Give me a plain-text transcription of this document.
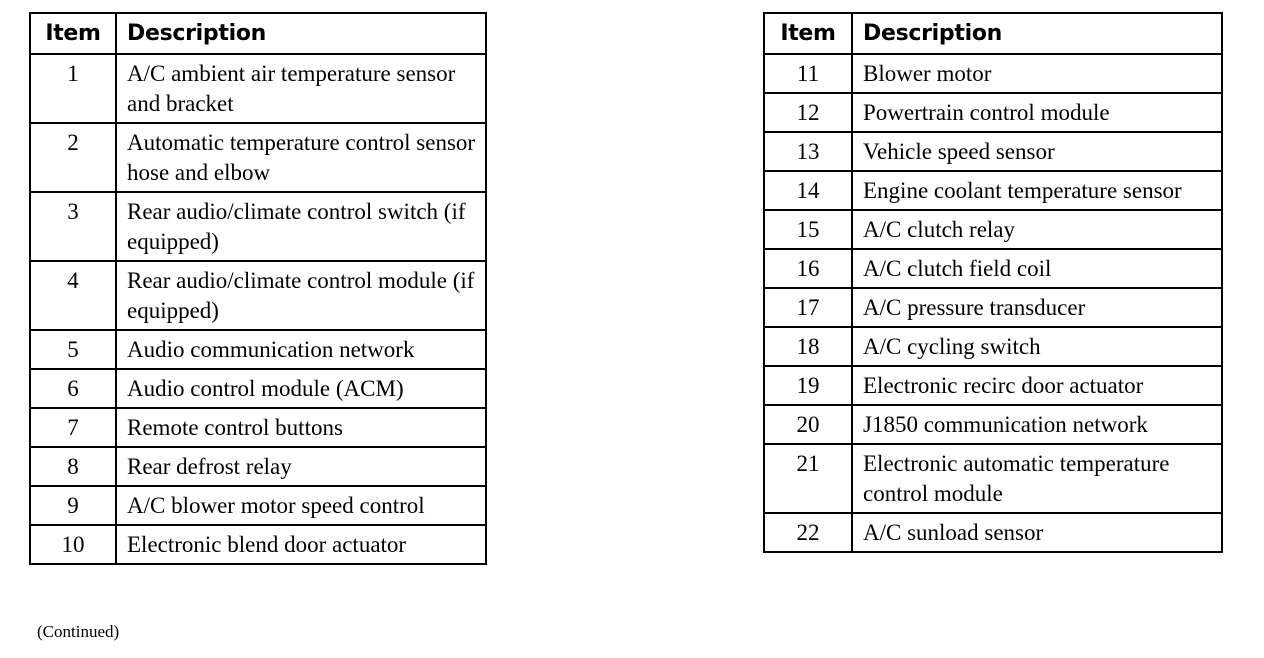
Item	Description
1	A/C ambient air temperature sensor and bracket
2	Automatic temperature control sensor hose and elbow
3	Rear audio/climate control switch (if equipped)
4	Rear audio/climate control module (if equipped)
5	Audio communication network
6	Audio control module (ACM)
7	Remote control buttons
8	Rear defrost relay
9	A/C blower motor speed control
10	Electronic blend door actuator
Item	Description
11	Blower motor
12	Powertrain control module
13	Vehicle speed sensor
14	Engine coolant temperature sensor
15	A/C clutch relay
16	A/C clutch field coil
17	A/C pressure transducer
18	A/C cycling switch
19	Electronic recirc door actuator
20	J1850 communication network
21	Electronic automatic temperature control module
22	A/C sunload sensor
(Continued)
